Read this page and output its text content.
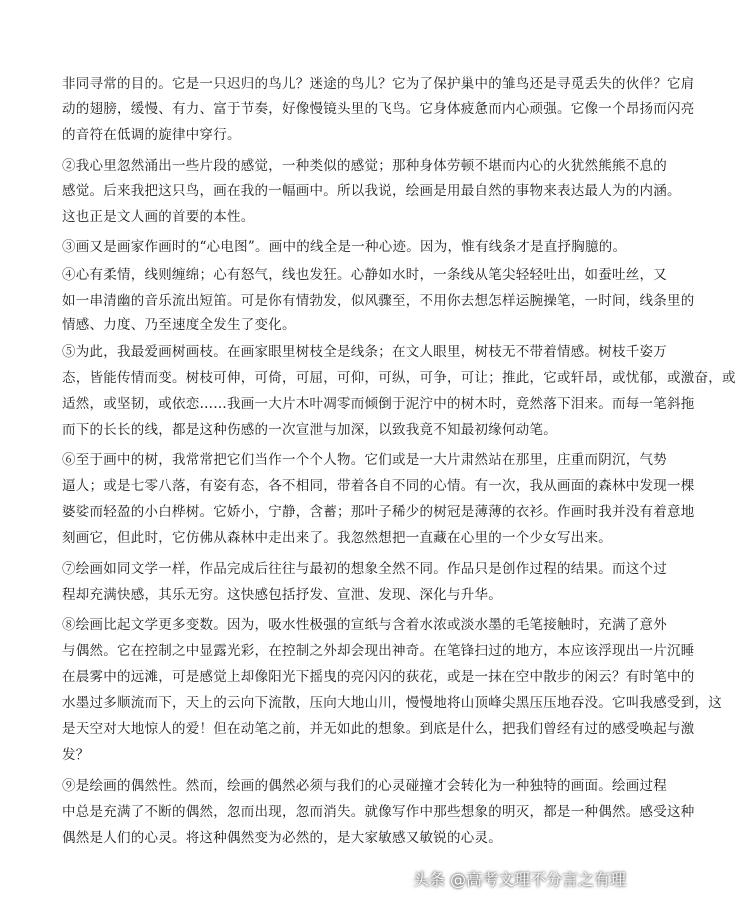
非同寻常的目的。它是一只迟归的鸟儿？迷途的鸟儿？它为了保护巢中的雏鸟还是寻觅丢失的伙伴？它肩
动的翅膀，缓慢、有力、富于节奏，好像慢镜头里的飞鸟。它身体疲惫而内心顽强。它像一个昂扬而闪亮
的音符在低调的旋律中穿行。
②我心里忽然涌出一些片段的感觉，一种类似的感觉；那种身体劳顿不堪而内心的火犹然熊熊不息的
感觉。后来我把这只鸟，画在我的一幅画中。所以我说，绘画是用最自然的事物来表达最人为的内涵。
这也正是文人画的首要的本性。
③画又是画家作画时的“心电图”。画中的线全是一种心迹。因为，惟有线条才是直抒胸臆的。
④心有柔情，线则缠绵；心有怒气，线也发狂。心静如水时，一条线从笔尖轻轻吐出，如蚕吐丝，又
如一串清幽的音乐流出短笛。可是你有情勃发，似风骤至，不用你去想怎样运腕操笔，一时间，线条里的
情感、力度、乃至速度全发生了变化。
⑤为此，我最爱画树画枝。在画家眼里树枝全是线条；在文人眼里，树枝无不带着情感。树枝千姿万
态，皆能传情而变。树枝可伸，可倚，可屈，可仰，可纵，可争，可让；推此，它或轩昂，或忧郁，或激奋，或
适然，或坚韧，或依恋……我画一大片木叶凋零而倾倒于泥泞中的树木时，竟然落下泪来。而每一笔斜拖
而下的长长的线，都是这种伤感的一次宣泄与加深，以致我竟不知最初缘何动笔。
⑥至于画中的树，我常常把它们当作一个个人物。它们或是一大片肃然站在那里，庄重而阴沉，气势
逼人；或是七零八落，有姿有态，各不相同，带着各自不同的心情。有一次，我从画面的森林中发现一棵
婆娑而轻盈的小白桦树。它娇小，宁静，含蓄；那叶子稀少的树冠是薄薄的衣衫。作画时我并没有着意地
刻画它，但此时，它仿佛从森林中走出来了。我忽然想把一直藏在心里的一个少女写出来。
⑦绘画如同文学一样，作品完成后往往与最初的想象全然不同。作品只是创作过程的结果。而这个过
程却充满快感，其乐无穷。这快感包括抒发、宣泄、发现、深化与升华。
⑧绘画比起文学更多变数。因为，吸水性极强的宣纸与含着水浓或淡水墨的毛笔接触时，充满了意外
与偶然。它在控制之中显露光彩，在控制之外却会现出神奇。在笔锋扫过的地方，本应该浮现出一片沉睡
在晨雾中的远滩，可是感觉上却像阳光下摇曳的亮闪闪的荻花，或是一抹在空中散步的闲云？有时笔中的
水墨过多顺流而下，天上的云向下流散，压向大地山川，慢慢地将山顶峰尖黑压压地吞没。它叫我感受到，这
是天空对大地惊人的爱！但在动笔之前，并无如此的想象。到底是什么，把我们曾经有过的感受唤起与激
发？
⑨是绘画的偶然性。然而，绘画的偶然必须与我们的心灵碰撞才会转化为一种独特的画面。绘画过程
中总是充满了不断的偶然，忽而出现，忽而消失。就像写作中那些想象的明灭，都是一种偶然。感受这种
偶然是人们的心灵。将这种偶然变为必然的，是大家敏感又敏锐的心灵。
头条 @高考文理不分言之有理
